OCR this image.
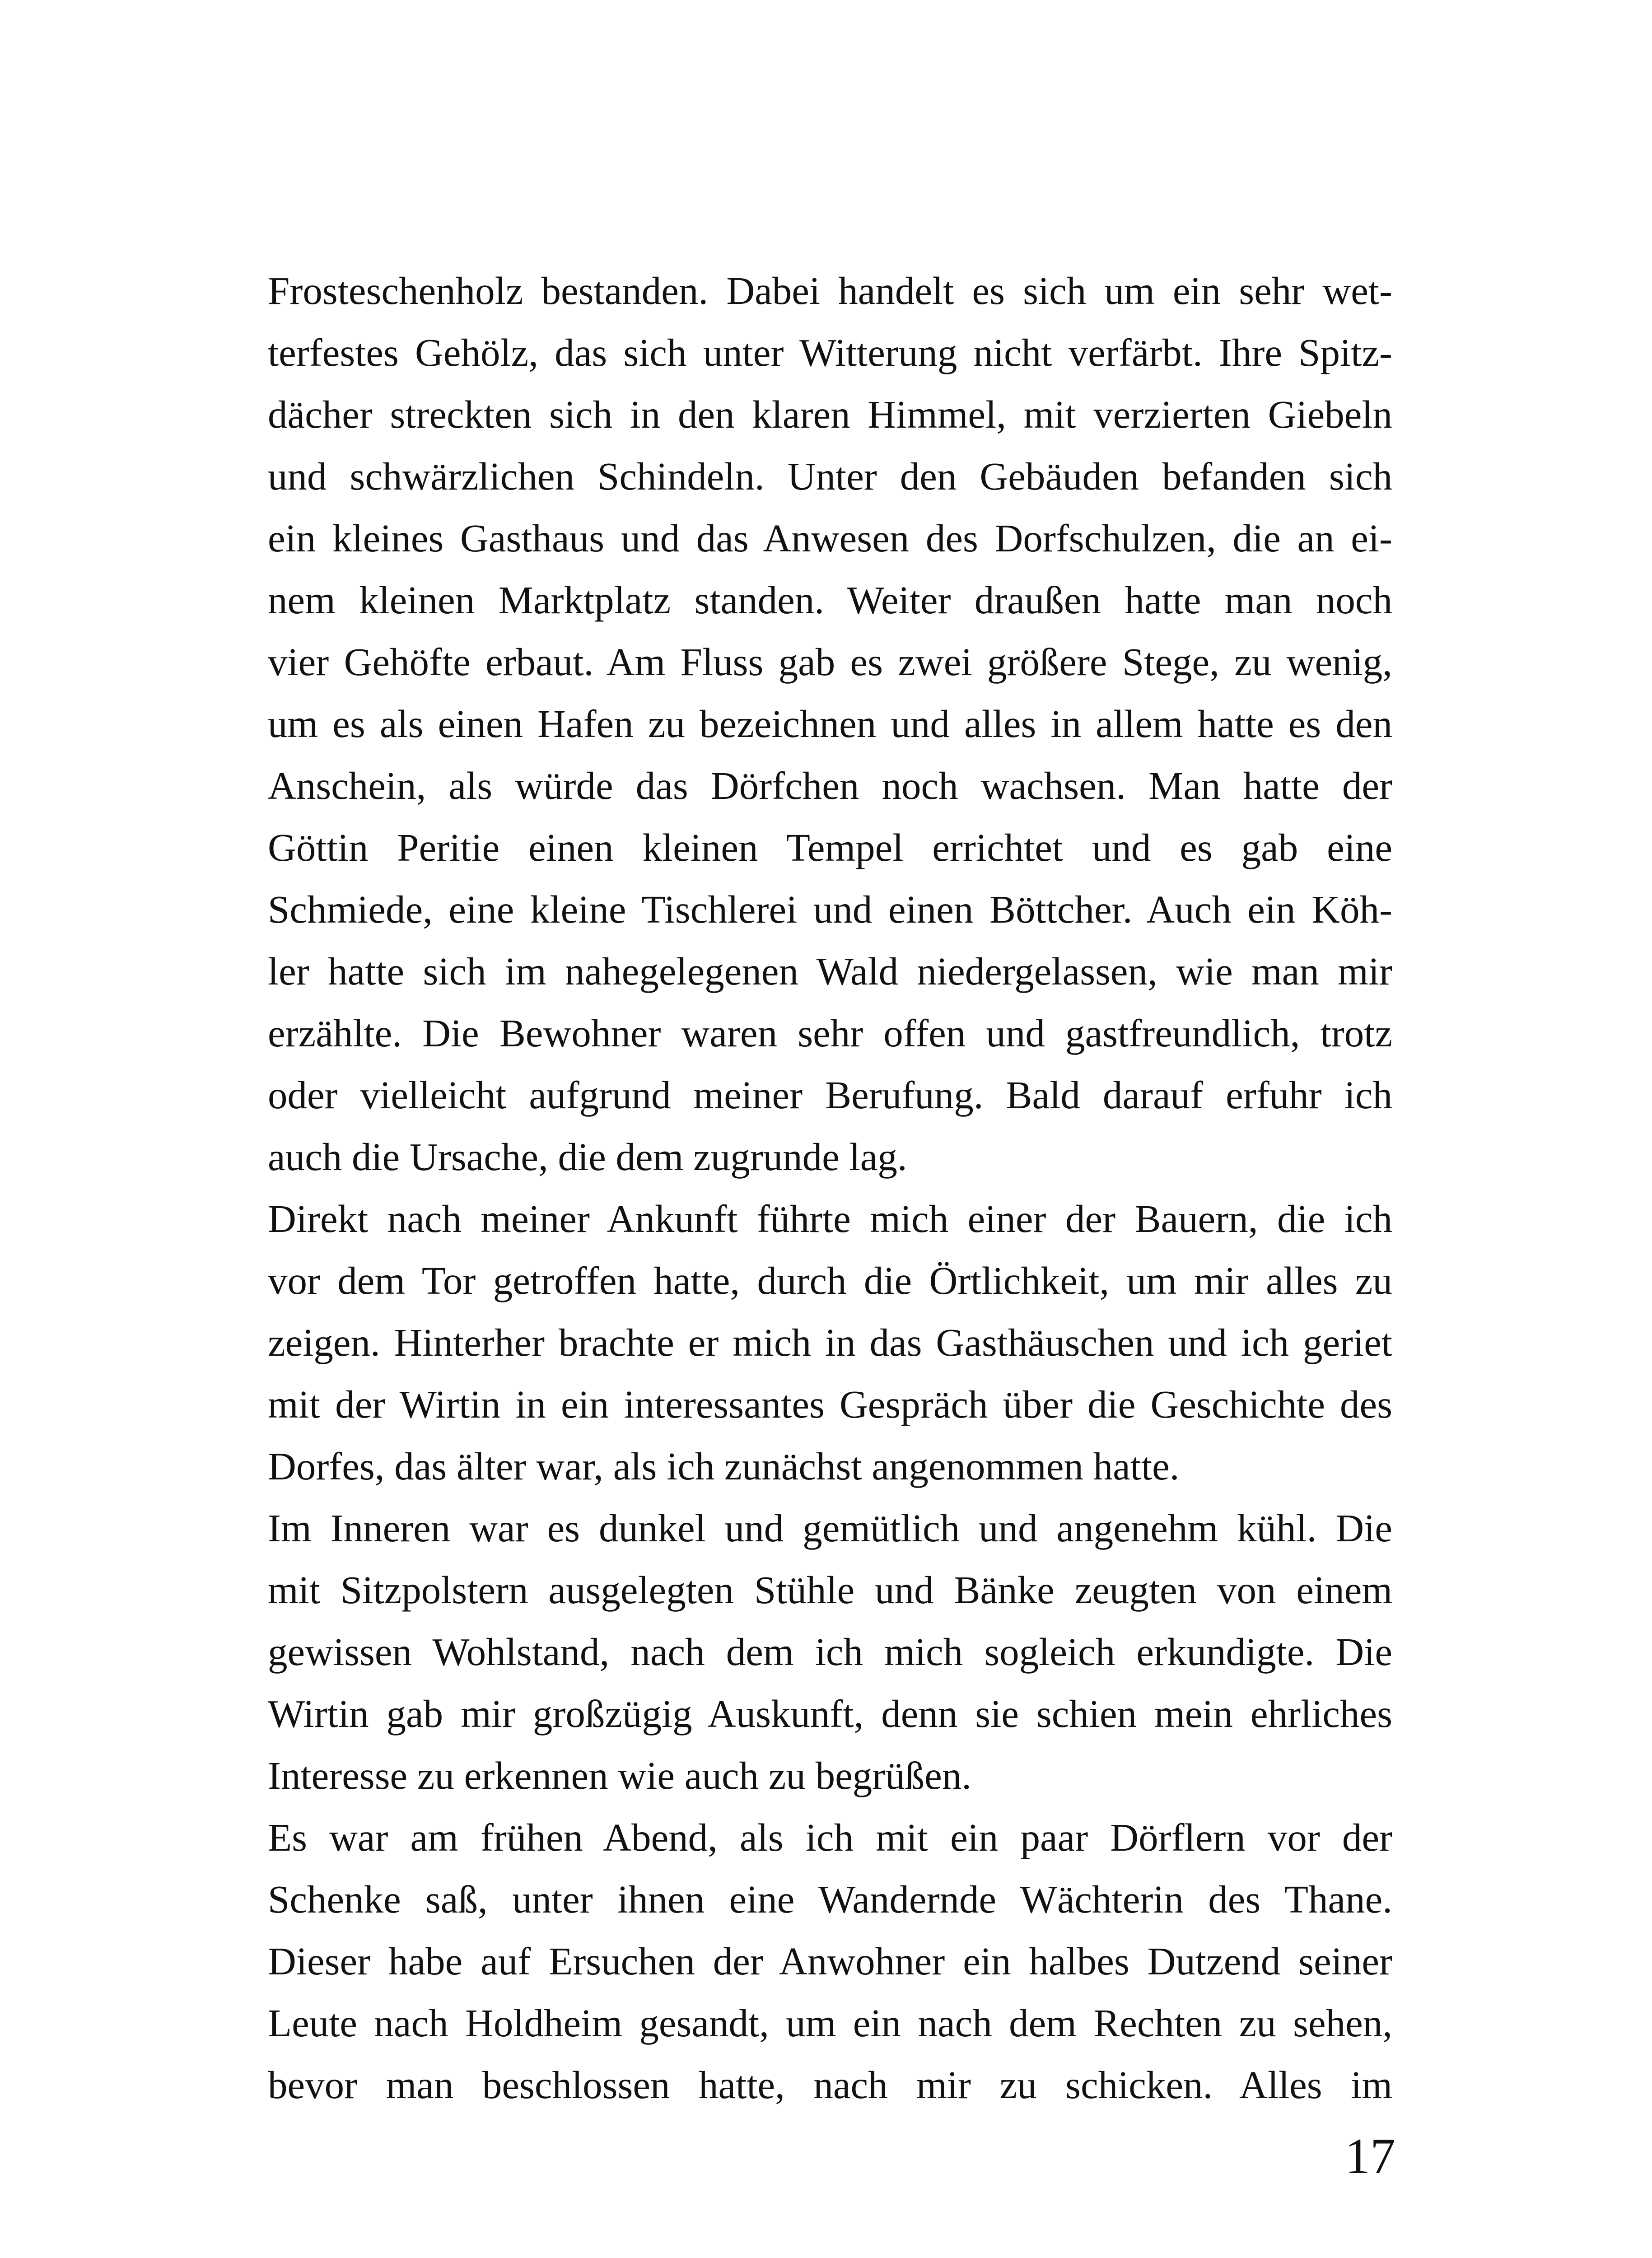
Frosteschenholz bestanden. Dabei handelt es sich um ein sehr wet-
terfestes Gehölz, das sich unter Witterung nicht verfärbt. Ihre Spitz-
dächer streckten sich in den klaren Himmel, mit verzierten Giebeln
und schwärzlichen Schindeln. Unter den Gebäuden befanden sich
ein kleines Gasthaus und das Anwesen des Dorfschulzen, die an ei-
nem kleinen Marktplatz standen. Weiter draußen hatte man noch
vier Gehöfte erbaut. Am Fluss gab es zwei größere Stege, zu wenig,
um es als einen Hafen zu bezeichnen und alles in allem hatte es den
Anschein, als würde das Dörfchen noch wachsen. Man hatte der
Göttin Peritie einen kleinen Tempel errichtet und es gab eine
Schmiede, eine kleine Tischlerei und einen Böttcher. Auch ein Köh-
ler hatte sich im nahegelegenen Wald niedergelassen, wie man mir
erzählte. Die Bewohner waren sehr offen und gastfreundlich, trotz
oder vielleicht aufgrund meiner Berufung. Bald darauf erfuhr ich
auch die Ursache, die dem zugrunde lag.
Direkt nach meiner Ankunft führte mich einer der Bauern, die ich
vor dem Tor getroffen hatte, durch die Örtlichkeit, um mir alles zu
zeigen. Hinterher brachte er mich in das Gasthäuschen und ich geriet
mit der Wirtin in ein interessantes Gespräch über die Geschichte des
Dorfes, das älter war, als ich zunächst angenommen hatte.
Im Inneren war es dunkel und gemütlich und angenehm kühl. Die
mit Sitzpolstern ausgelegten Stühle und Bänke zeugten von einem
gewissen Wohlstand, nach dem ich mich sogleich erkundigte. Die
Wirtin gab mir großzügig Auskunft, denn sie schien mein ehrliches
Interesse zu erkennen wie auch zu begrüßen.
Es war am frühen Abend, als ich mit ein paar Dörflern vor der
Schenke saß, unter ihnen eine Wandernde Wächterin des Thane.
Dieser habe auf Ersuchen der Anwohner ein halbes Dutzend seiner
Leute nach Holdheim gesandt, um ein nach dem Rechten zu sehen,
bevor man beschlossen hatte, nach mir zu schicken. Alles im
17
